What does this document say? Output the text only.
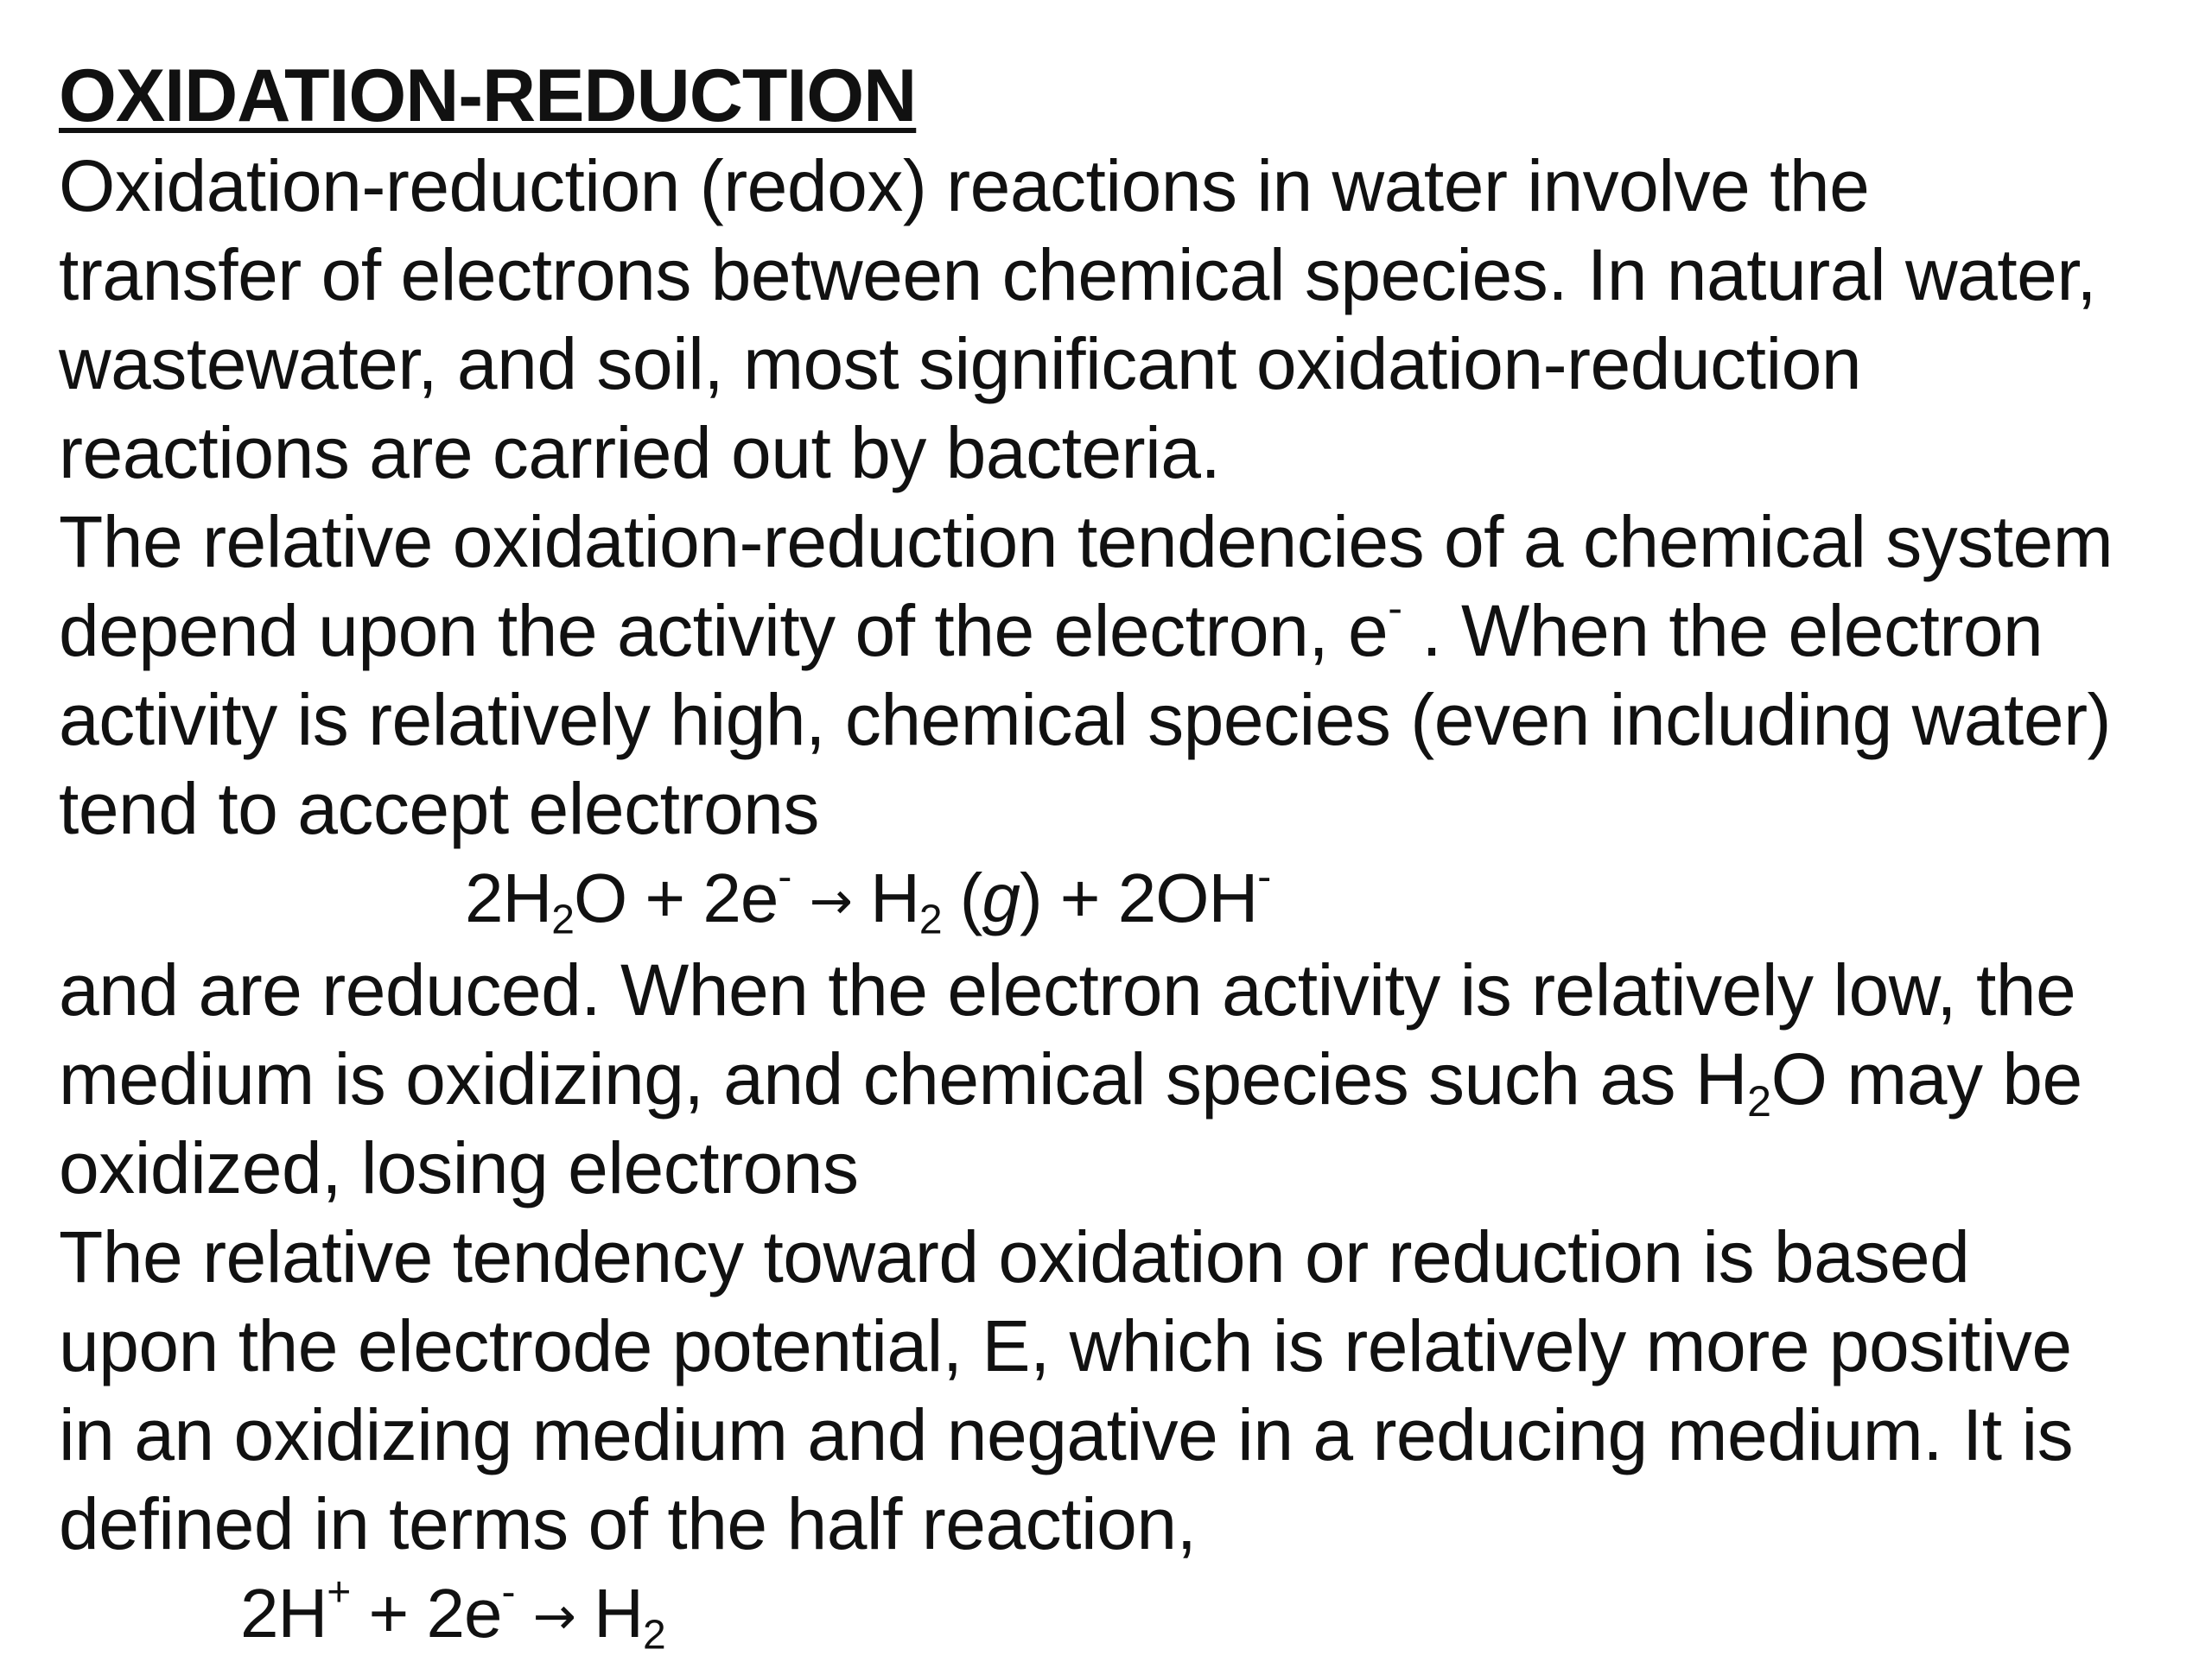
OXIDATION-REDUCTION

Oxidation-reduction (redox) reactions in water involve the
transfer of electrons between chemical species. In natural water,
wastewater, and soil, most significant oxidation-reduction
reactions are carried out by bacteria.

The relative oxidation-reduction tendencies of a chemical system
depend upon the activity of the electron, e- . When the electron
activity is relatively high, chemical species (even including water)
tend to accept electrons

$2H_2O + 2e^- \to H_2$ (g) + 2OH-

and are reduced. When the electron activity is relatively low, the
medium is oxidizing, and chemical species such as $H_2O$ may be
oxidized, losing electrons

The relative tendency toward oxidation or reduction is based
upon the electrode potential, E, which is relatively more positive
in an oxidizing medium and negative in a reducing medium. It is
defined in terms of the half reaction,

$2H^+ + 2e^- \to H_2$
